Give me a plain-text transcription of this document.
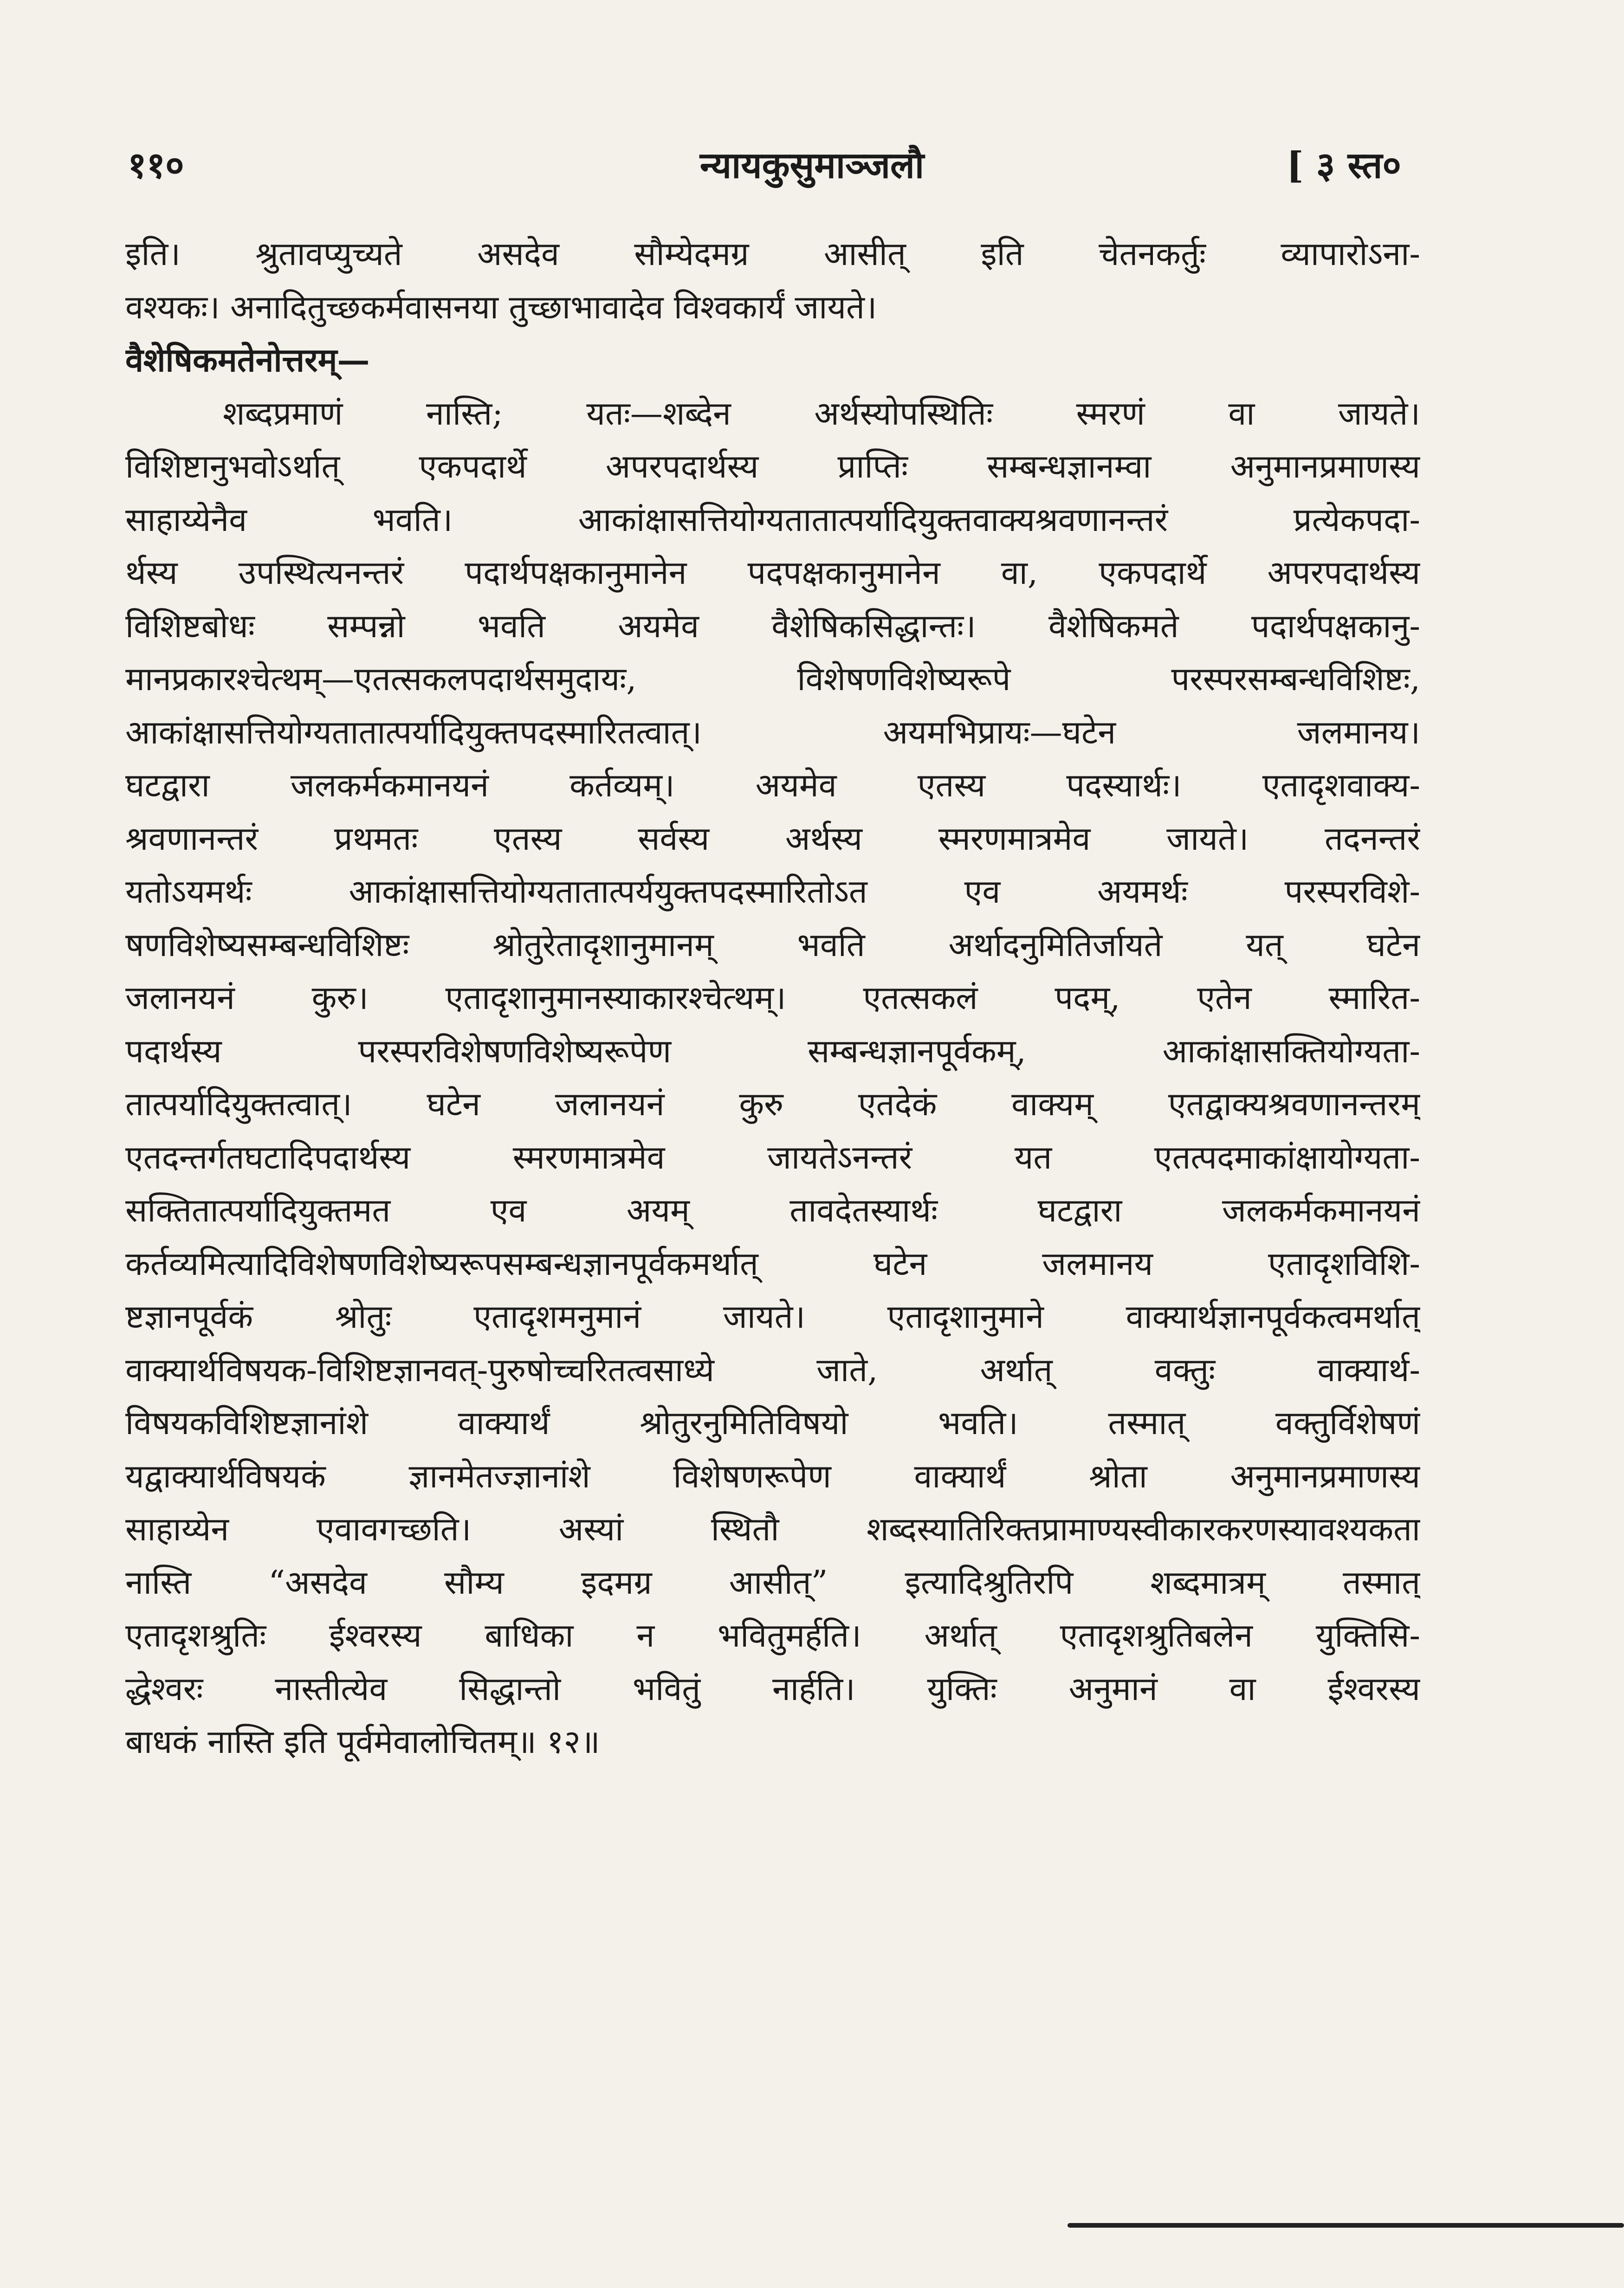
११०	न्यायकुसुमाञ्जलौ	[ ३ स्त०
इति। श्रुतावप्युच्यते असदेव सौम्येदमग्र आसीत् इति चेतनकर्तुः व्यापारोऽना-
वश्यकः। अनादितुच्छकर्मवासनया तुच्छाभावादेव विश्वकार्यं जायते।
वैशेषिकमतेनोत्तरम्—
शब्दप्रमाणं नास्ति; यतः—शब्देन अर्थस्योपस्थितिः स्मरणं वा जायते।
विशिष्टानुभवोऽर्थात् एकपदार्थे अपरपदार्थस्य प्राप्तिः सम्बन्धज्ञानम्वा अनुमानप्रमाणस्य
साहाय्येनैव भवति। आकांक्षासत्तियोग्यतातात्पर्यादियुक्तवाक्यश्रवणानन्तरं प्रत्येकपदा-
र्थस्य उपस्थित्यनन्तरं पदार्थपक्षकानुमानेन पदपक्षकानुमानेन वा, एकपदार्थे अपरपदार्थस्य
विशिष्टबोधः सम्पन्नो भवति अयमेव वैशेषिकसिद्धान्तः। वैशेषिकमते पदार्थपक्षकानु-
मानप्रकारश्चेत्थम्—एतत्सकलपदार्थसमुदायः, विशेषणविशेष्यरूपे परस्परसम्बन्धविशिष्टः,
आकांक्षासत्तियोग्यतातात्पर्यादियुक्तपदस्मारितत्वात्। अयमभिप्रायः—घटेन जलमानय।
घटद्वारा जलकर्मकमानयनं कर्तव्यम्। अयमेव एतस्य पदस्यार्थः। एतादृशवाक्य-
श्रवणानन्तरं प्रथमतः एतस्य सर्वस्य अर्थस्य स्मरणमात्रमेव जायते। तदनन्तरं
यतोऽयमर्थः आकांक्षासत्तियोग्यतातात्पर्ययुक्तपदस्मारितोऽत एव अयमर्थः परस्परविशे-
षणविशेष्यसम्बन्धविशिष्टः श्रोतुरेतादृशानुमानम् भवति अर्थादनुमितिर्जायते यत् घटेन
जलानयनं कुरु। एतादृशानुमानस्याकारश्चेत्थम्। एतत्सकलं पदम्, एतेन स्मारित-
पदार्थस्य परस्परविशेषणविशेष्यरूपेण सम्बन्धज्ञानपूर्वकम्, आकांक्षासक्तियोग्यता-
तात्पर्यादियुक्तत्वात्। घटेन जलानयनं कुरु एतदेकं वाक्यम् एतद्वाक्यश्रवणानन्तरम्
एतदन्तर्गतघटादिपदार्थस्य स्मरणमात्रमेव जायतेऽनन्तरं यत एतत्पदमाकांक्षायोग्यता-
सक्तितात्पर्यादियुक्तमत एव अयम् तावदेतस्यार्थः घटद्वारा जलकर्मकमानयनं
कर्तव्यमित्यादिविशेषणविशेष्यरूपसम्बन्धज्ञानपूर्वकमर्थात् घटेन जलमानय एतादृशविशि-
ष्टज्ञानपूर्वकं श्रोतुः एतादृशमनुमानं जायते। एतादृशानुमाने वाक्यार्थज्ञानपूर्वकत्वमर्थात्
वाक्यार्थविषयक-विशिष्टज्ञानवत्-पुरुषोच्चरितत्वसाध्ये जाते, अर्थात् वक्तुः वाक्यार्थ-
विषयकविशिष्टज्ञानांशे वाक्यार्थं श्रोतुरनुमितिविषयो भवति। तस्मात् वक्तुर्विशेषणं
यद्वाक्यार्थविषयकं ज्ञानमेतज्ज्ञानांशे विशेषणरूपेण वाक्यार्थं श्रोता अनुमानप्रमाणस्य
साहाय्येन एवावगच्छति। अस्यां स्थितौ शब्दस्यातिरिक्तप्रामाण्यस्वीकारकरणस्यावश्यकता
नास्ति “असदेव सौम्य इदमग्र आसीत्” इत्यादिश्रुतिरपि शब्दमात्रम् तस्मात्
एतादृशश्रुतिः ईश्वरस्य बाधिका न भवितुमर्हति। अर्थात् एतादृशश्रुतिबलेन युक्तिसि-
द्धेश्वरः नास्तीत्येव सिद्धान्तो भवितुं नार्हति। युक्तिः अनुमानं वा ईश्वरस्य
बाधकं नास्ति इति पूर्वमेवालोचितम्॥ १२॥
